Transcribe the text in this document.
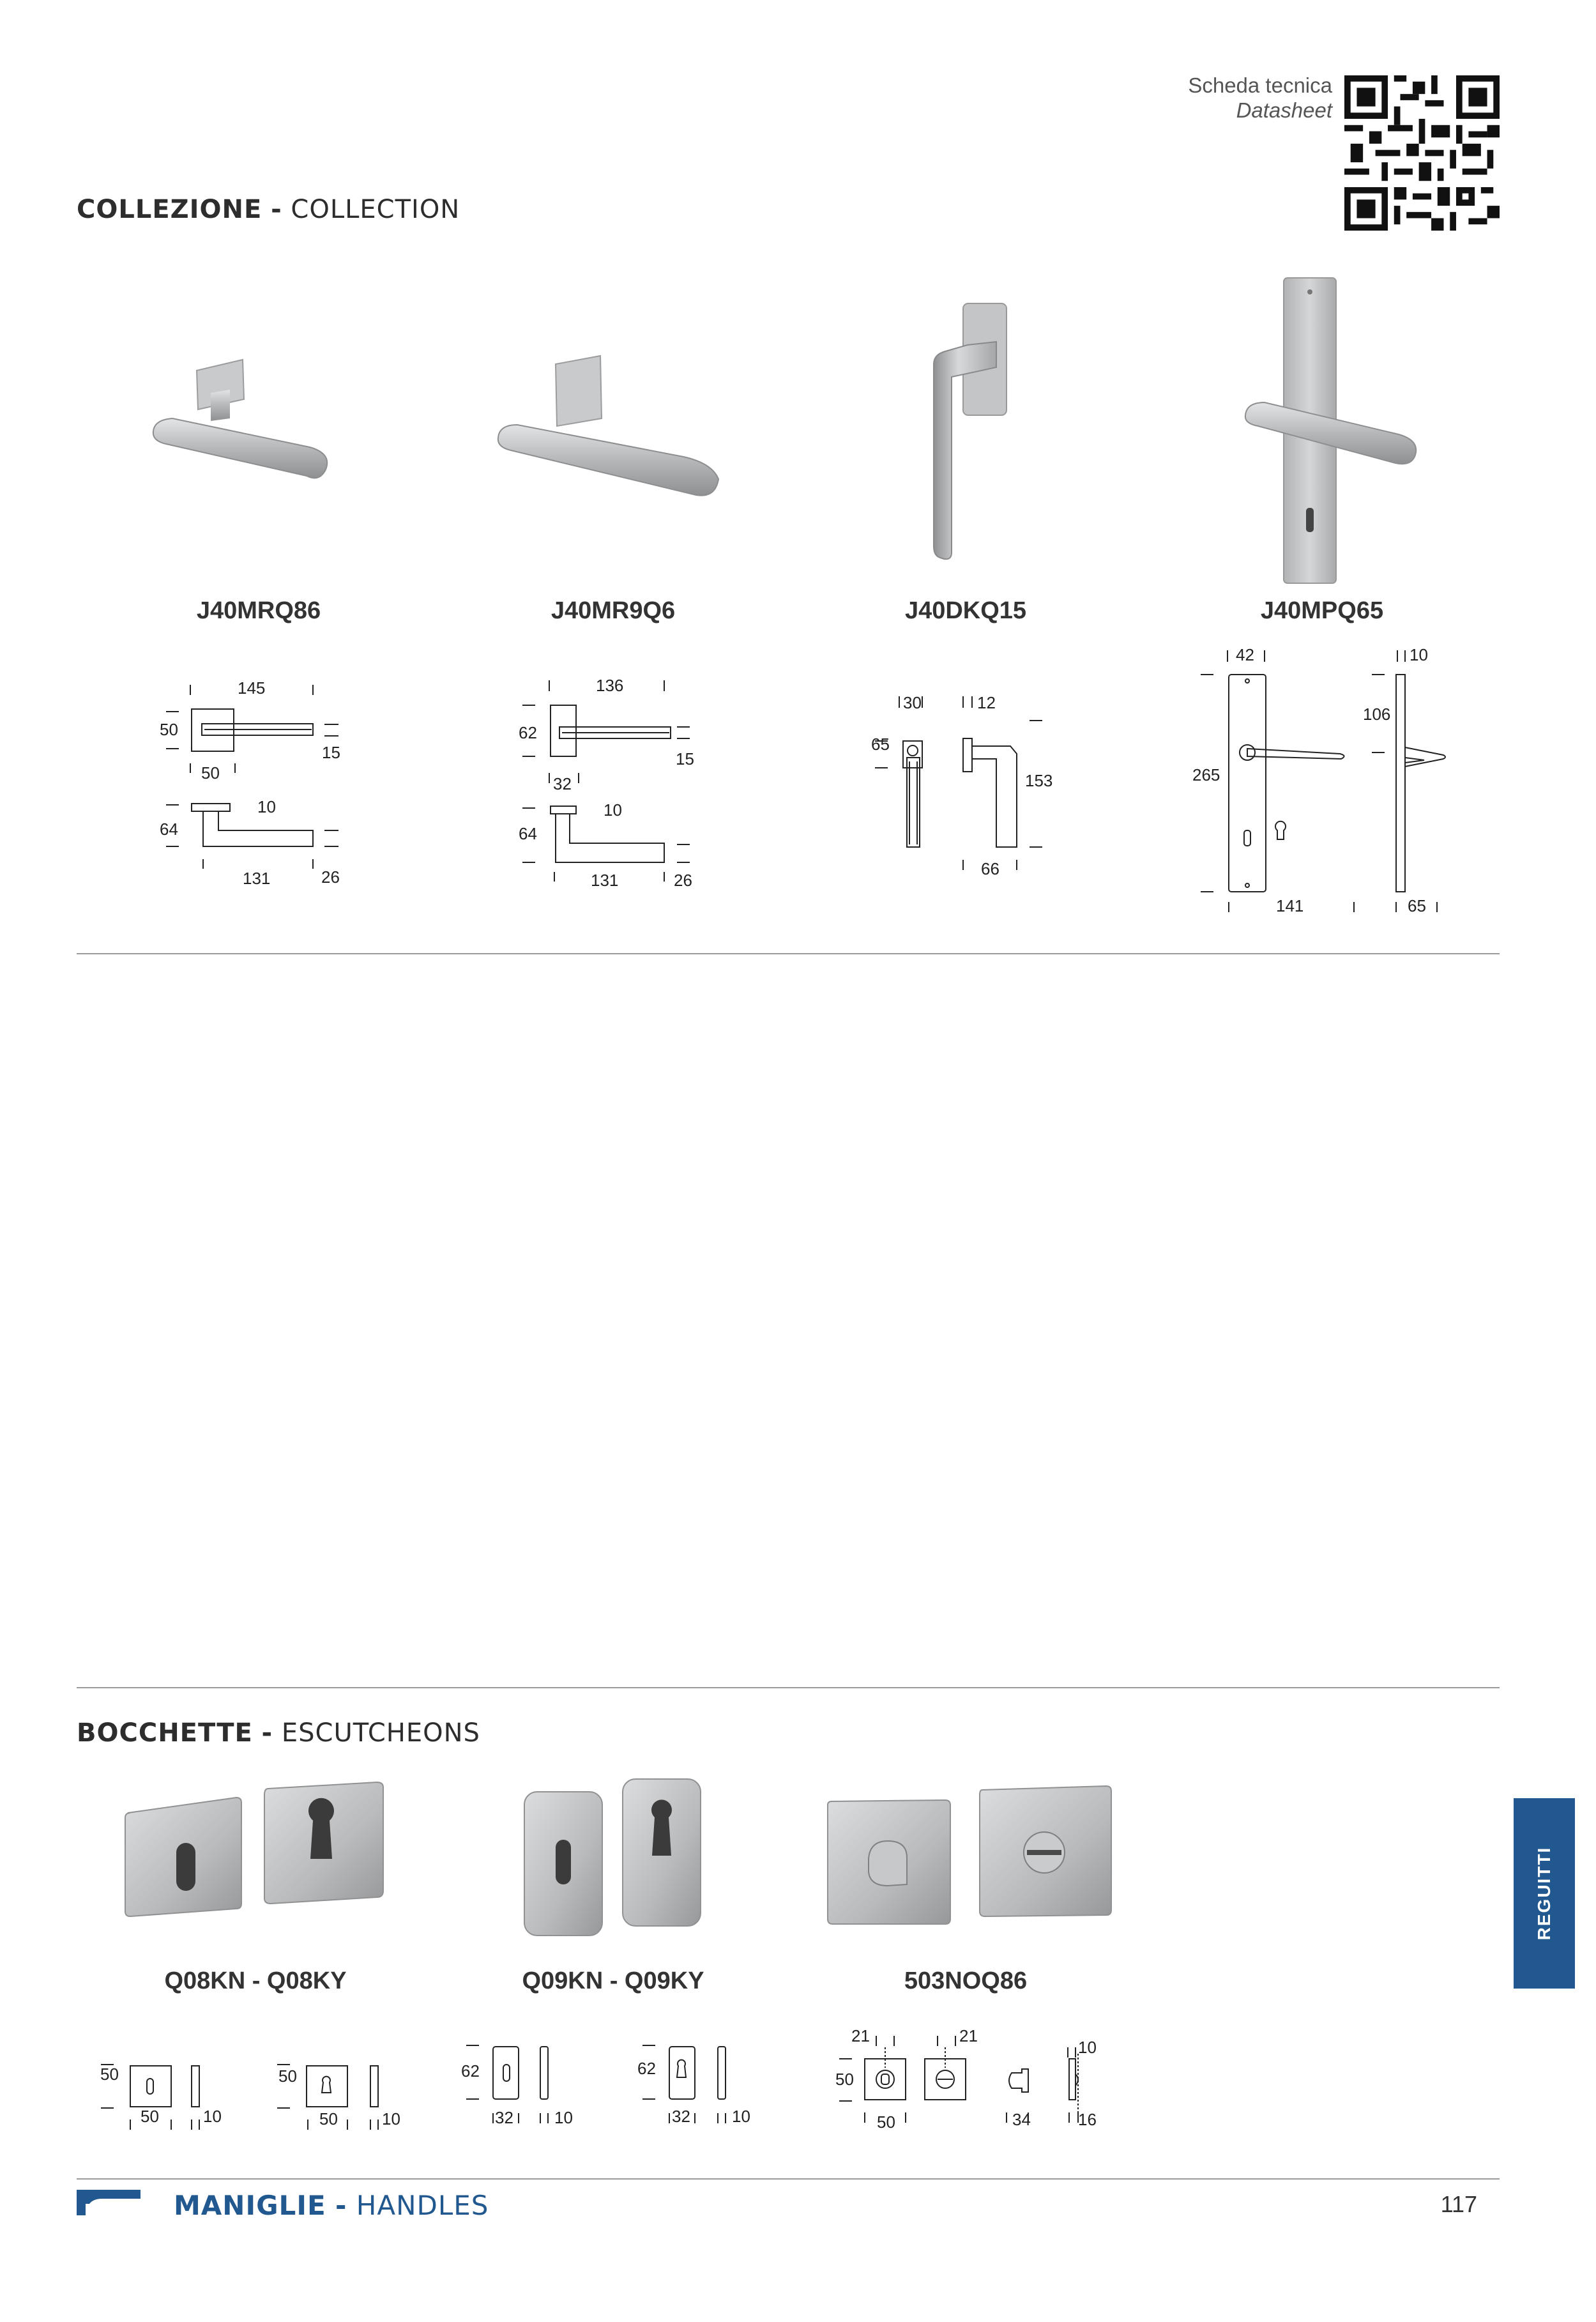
Scheda tecnica
Datasheet
COLLEZIONE - COLLECTION
J40MRQ86	J40MR9Q6	J40DKQ15	J40MPQ65
145
50
15
50
10
64
131	26
136
62
15
32
10
64
131	26
30	12
65
153
66
42	10
106
265
141	65
BOCCHETTE - ESCUTCHEONS
Q08KN - Q08KY	Q09KN - Q09KY	503NOQ86
50
50	10
50
50	10
62
32 10
62
32	10
21	21
10
50
50	34	16
REGUITTI
MANIGLIE - HANDLES	117
